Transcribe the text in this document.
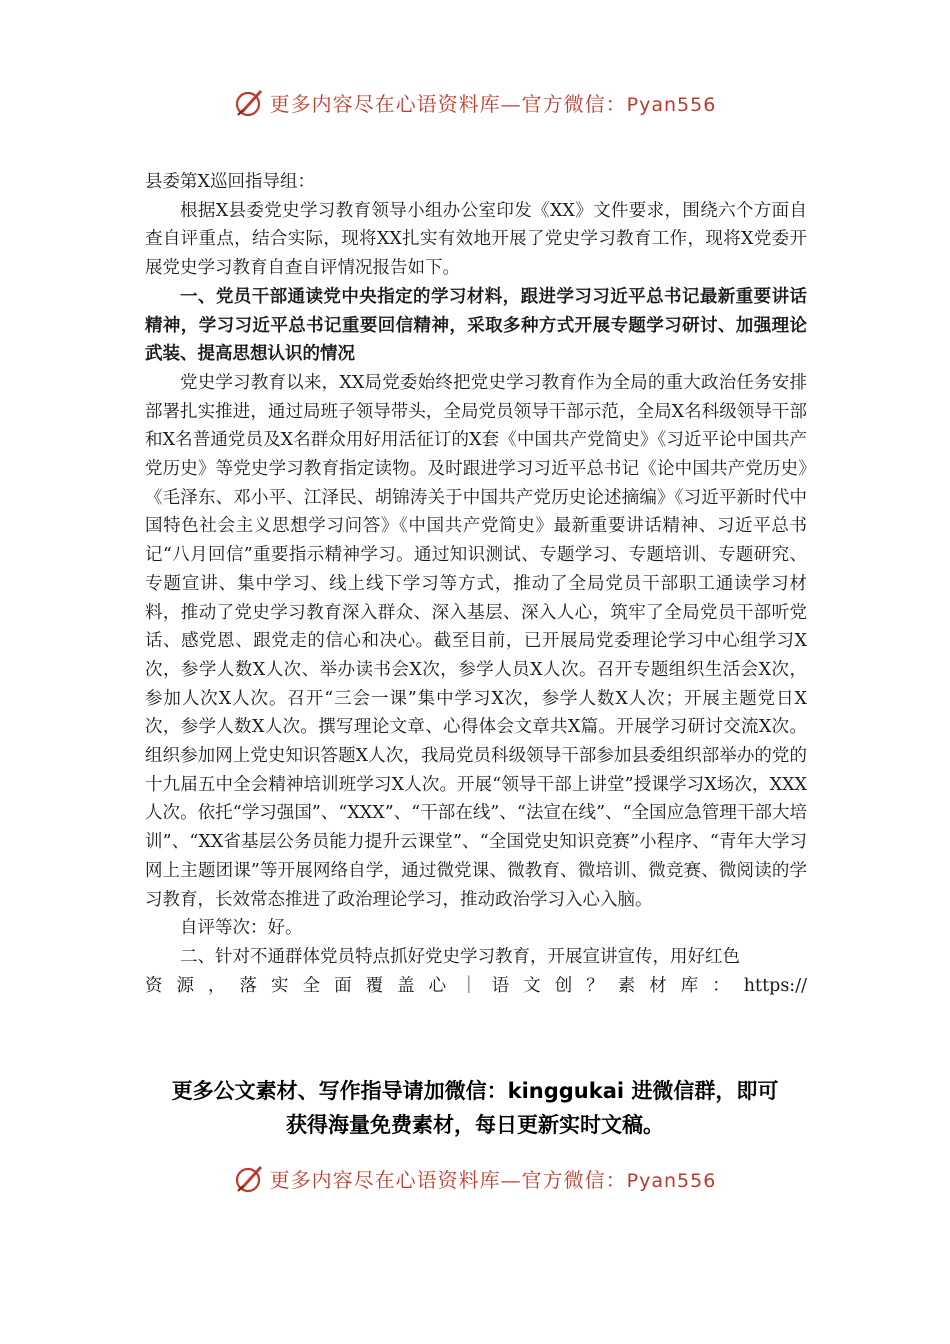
更多内容尽在心语资料库—官方微信：Pyan556

县委第X巡回指导组：

根据X县委党史学习教育领导小组办公室印发《XX》文件要求，围绕六个方面自查自评重点，结合实际，现将XX扎实有效地开展了党史学习教育工作，现将X党委开展党史学习教育自查自评情况报告如下。

一、党员干部通读党中央指定的学习材料，跟进学习习近平总书记最新重要讲话精神，学习习近平总书记重要回信精神，采取多种方式开展专题学习研讨、加强理论武装、提高思想认识的情况

党史学习教育以来，XX局党委始终把党史学习教育作为全局的重大政治任务安排部署扎实推进，通过局班子领导带头，全局党员领导干部示范，全局X名科级领导干部和X名普通党员及X名群众用好用活征订的X套《中国共产党简史》《习近平论中国共产党历史》等党史学习教育指定读物。及时跟进学习习近平总书记《论中国共产党历史》《毛泽东、邓小平、江泽民、胡锦涛关于中国共产党历史论述摘编》《习近平新时代中国特色社会主义思想学习问答》《中国共产党简史》最新重要讲话精神、习近平总书记“八月回信”重要指示精神学习。通过知识测试、专题学习、专题培训、专题研究、专题宣讲、集中学习、线上线下学习等方式，推动了全局党员干部职工通读学习材料，推动了党史学习教育深入群众、深入基层、深入人心，筑牢了全局党员干部听党话、感党恩、跟党走的信心和决心。截至目前，已开展局党委理论学习中心组学习X次，参学人数X人次、举办读书会X次，参学人员X人次。召开专题组织生活会X次，参加人次X人次。召开“三会一课”集中学习X次，参学人数X人次；开展主题党日X次，参学人数X人次。撰写理论文章、心得体会文章共X篇。开展学习研讨交流X次。组织参加网上党史知识答题X人次，我局党员科级领导干部参加县委组织部举办的党的十九届五中全会精神培训班学习X人次。开展“领导干部上讲堂”授课学习X场次，XXX人次。依托“学习强国”、“XXX”、“干部在线”、“法宣在线”、“全国应急管理干部大培训”、“XX省基层公务员能力提升云课堂”、“全国党史知识竞赛”小程序、“青年大学习网上主题团课”等开展网络自学，通过微党课、微教育、微培训、微竞赛、微阅读的学习教育，长效常态推进了政治理论学习，推动政治学习入心入脑。

自评等次：好。

二、针对不通群体党员特点抓好党史学习教育，开展宣讲宣传，用好红色

资源，落实全面覆盖心｜语文创？素材库：https://

更多公文素材、写作指导请加微信：kinggukai 进微信群，即可
获得海量免费素材，每日更新实时文稿。
更多内容尽在心语资料库—官方微信：Pyan556
